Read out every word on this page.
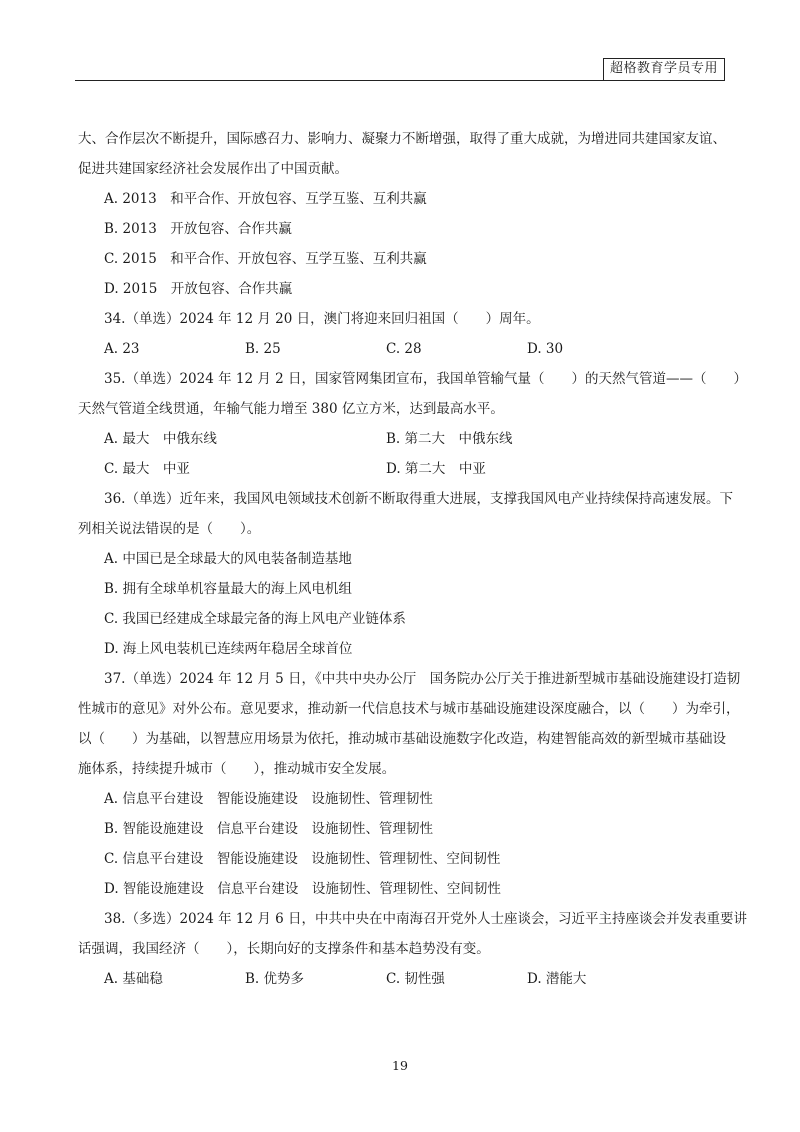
超格教育学员专用
大、合作层次不断提升，国际感召力、影响力、凝聚力不断增强，取得了重大成就，为增进同共建国家友谊、
促进共建国家经济社会发展作出了中国贡献。
A. 2013　和平合作、开放包容、互学互鉴、互利共赢
B. 2013　开放包容、合作共赢
C. 2015　和平合作、开放包容、互学互鉴、互利共赢
D. 2015　开放包容、合作共赢
34.（单选）2024 年 12 月 20 日，澳门将迎来回归祖国（　　）周年。
A. 23	B. 25	C. 28	D. 30
35.（单选）2024 年 12 月 2 日，国家管网集团宣布，我国单管输气量（　　）的天然气管道——（　　）
天然气管道全线贯通，年输气能力增至 380 亿立方米，达到最高水平。
A. 最大　中俄东线	B. 第二大　中俄东线
C. 最大　中亚	D. 第二大　中亚
36.（单选）近年来，我国风电领域技术创新不断取得重大进展，支撑我国风电产业持续保持高速发展。下
列相关说法错误的是（　　）。
A. 中国已是全球最大的风电装备制造基地
B. 拥有全球单机容量最大的海上风电机组
C. 我国已经建成全球最完备的海上风电产业链体系
D. 海上风电装机已连续两年稳居全球首位
37.（单选）2024 年 12 月 5 日，《中共中央办公厅　国务院办公厅关于推进新型城市基础设施建设打造韧
性城市的意见》对外公布。意见要求，推动新一代信息技术与城市基础设施建设深度融合，以（　　）为牵引，
以（　　）为基础，以智慧应用场景为依托，推动城市基础设施数字化改造，构建智能高效的新型城市基础设
施体系，持续提升城市（　　），推动城市安全发展。
A. 信息平台建设　智能设施建设　设施韧性、管理韧性
B. 智能设施建设　信息平台建设　设施韧性、管理韧性
C. 信息平台建设　智能设施建设　设施韧性、管理韧性、空间韧性
D. 智能设施建设　信息平台建设　设施韧性、管理韧性、空间韧性
38.（多选）2024 年 12 月 6 日，中共中央在中南海召开党外人士座谈会，习近平主持座谈会并发表重要讲
话强调，我国经济（　　），长期向好的支撑条件和基本趋势没有变。
A. 基础稳	B. 优势多	C. 韧性强	D. 潜能大
19
